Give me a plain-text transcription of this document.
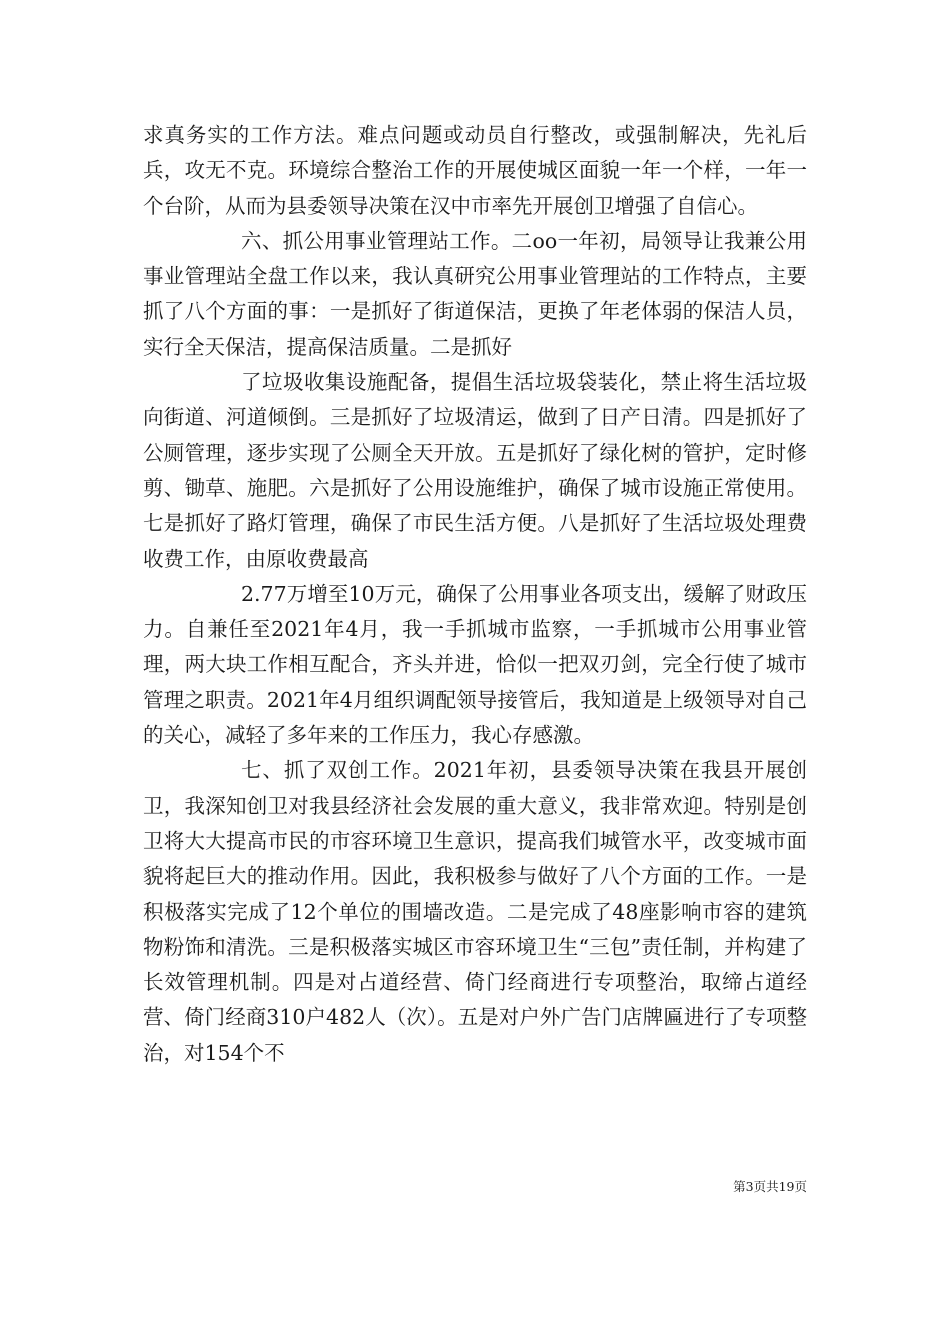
求真务实的工作方法。难点问题或动员自行整改，或强制解决，先礼后兵，攻无不克。环境综合整治工作的开展使城区面貌一年一个样，一年一个台阶，从而为县委领导决策在汉中市率先开展创卫增强了自信心。

六、抓公用事业管理站工作。二oo一年初，局领导让我兼公用事业管理站全盘工作以来，我认真研究公用事业管理站的工作特点，主要抓了八个方面的事：一是抓好了街道保洁，更换了年老体弱的保洁人员，实行全天保洁，提高保洁质量。二是抓好

了垃圾收集设施配备，提倡生活垃圾袋装化，禁止将生活垃圾向街道、河道倾倒。三是抓好了垃圾清运，做到了日产日清。四是抓好了公厕管理，逐步实现了公厕全天开放。五是抓好了绿化树的管护，定时修剪、锄草、施肥。六是抓好了公用设施维护，确保了城市设施正常使用。七是抓好了路灯管理，确保了市民生活方便。八是抓好了生活垃圾处理费收费工作，由原收费最高

2.77万增至10万元，确保了公用事业各项支出，缓解了财政压力。自兼任至2021年4月，我一手抓城市监察，一手抓城市公用事业管理，两大块工作相互配合，齐头并进，恰似一把双刃剑，完全行使了城市管理之职责。2021年4月组织调配领导接管后，我知道是上级领导对自己的关心，减轻了多年来的工作压力，我心存感激。

七、抓了双创工作。2021年初，县委领导决策在我县开展创卫，我深知创卫对我县经济社会发展的重大意义，我非常欢迎。特别是创卫将大大提高市民的市容环境卫生意识，提高我们城管水平，改变城市面貌将起巨大的推动作用。因此，我积极参与做好了八个方面的工作。一是积极落实完成了12个单位的围墙改造。二是完成了48座影响市容的建筑物粉饰和清洗。三是积极落实城区市容环境卫生“三包”责任制，并构建了长效管理机制。四是对占道经营、倚门经商进行专项整治，取缔占道经营、倚门经商310户482人（次）。五是对户外广告门店牌匾进行了专项整治，对154个不

第3页共19页
